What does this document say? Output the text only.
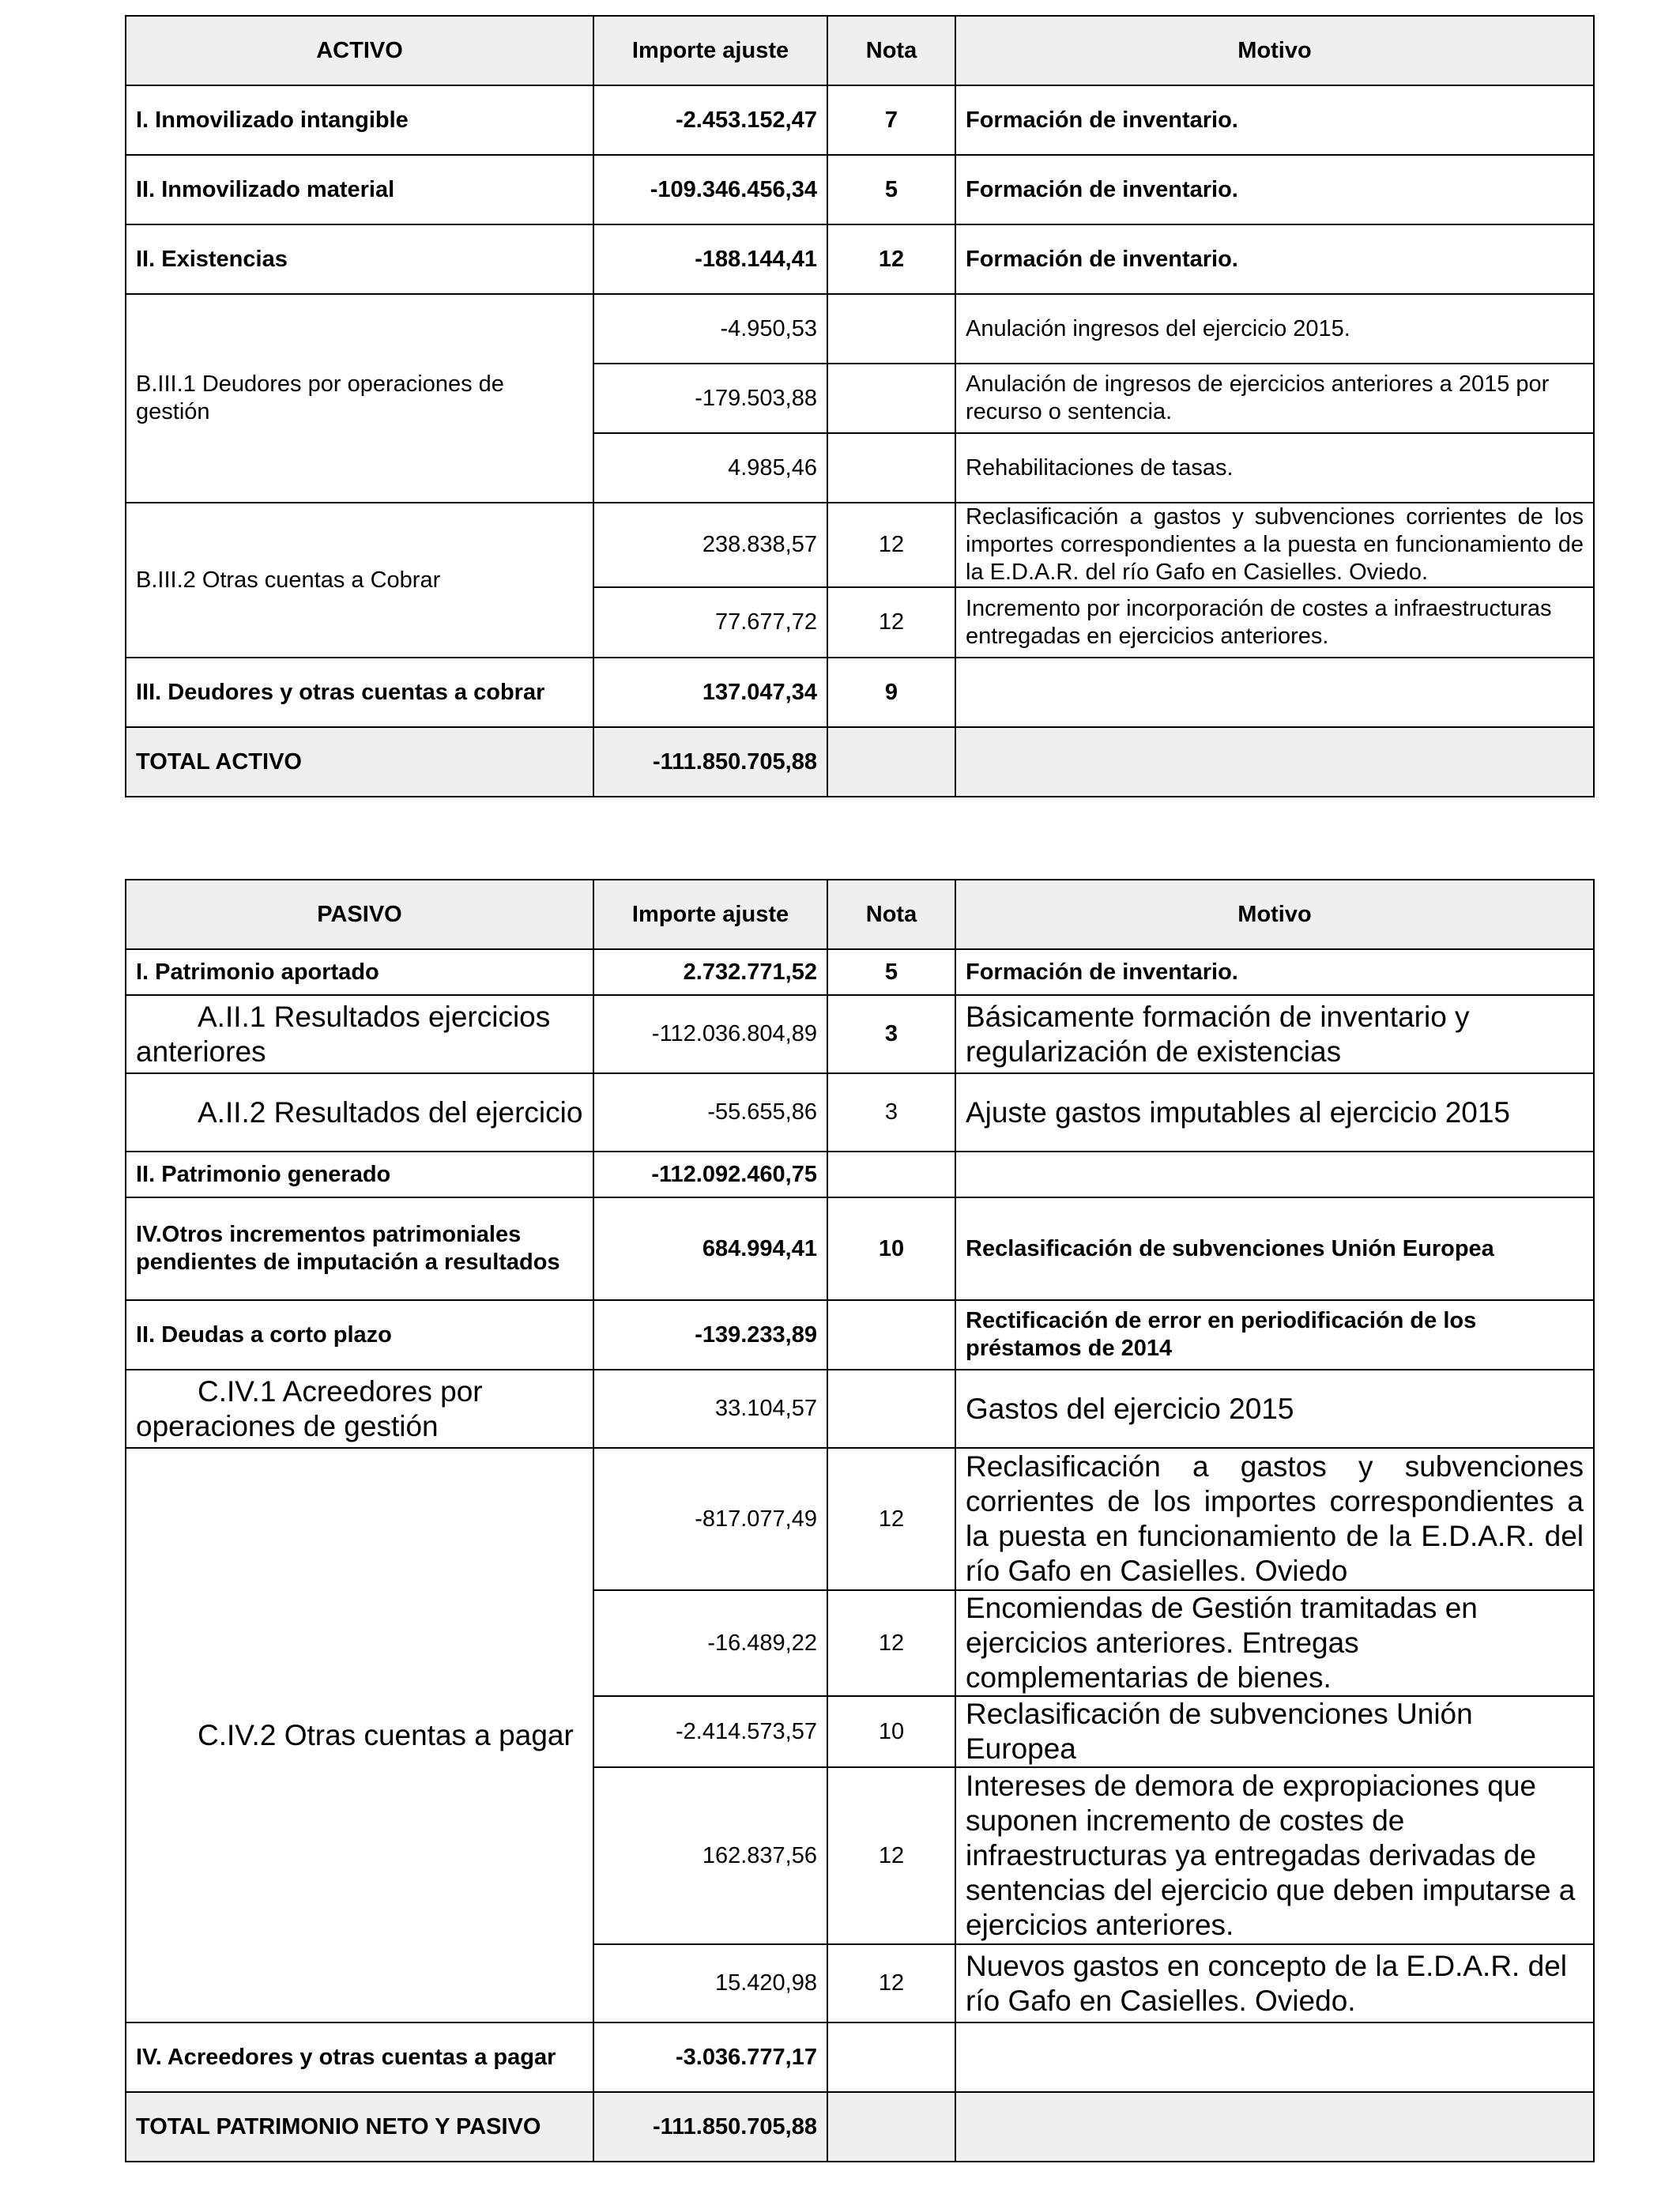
ACTIVO	Importe ajuste	Nota	Motivo
I. Inmovilizado intangible	-2.453.152,47	7	Formación de inventario.
II. Inmovilizado material	-109.346.456,34	5	Formación de inventario.
II. Existencias	-188.144,41	12	Formación de inventario.
B.III.1 Deudores por operaciones de gestión	-4.950,53		Anulación ingresos del ejercicio 2015.
	-179.503,88		Anulación de ingresos de ejercicios anteriores a 2015 por recurso o sentencia.
	4.985,46		Rehabilitaciones de tasas.
B.III.2 Otras cuentas a Cobrar	238.838,57	12	Reclasificación a gastos y subvenciones corrientes de los importes correspondientes a la puesta en funcionamiento de la E.D.A.R. del río Gafo en Casielles. Oviedo.
	77.677,72	12	Incremento por incorporación de costes a infraestructuras entregadas en ejercicios anteriores.
III. Deudores y otras cuentas a cobrar	137.047,34	9	
TOTAL ACTIVO	-111.850.705,88		
PASIVO	Importe ajuste	Nota	Motivo
I. Patrimonio aportado	2.732.771,52	5	Formación de inventario.
A.II.1 Resultados ejercicios anteriores	-112.036.804,89	3	Básicamente formación de inventario y regularización de existencias
A.II.2 Resultados del ejercicio	-55.655,86	3	Ajuste gastos imputables al ejercicio 2015
II. Patrimonio generado	-112.092.460,75		
IV.Otros incrementos patrimoniales pendientes de imputación a resultados	684.994,41	10	Reclasificación de subvenciones Unión Europea
II. Deudas a corto plazo	-139.233,89		Rectificación de error en periodificación de los préstamos de 2014
C.IV.1 Acreedores por operaciones de gestión	33.104,57		Gastos del ejercicio 2015
C.IV.2 Otras cuentas a pagar	-817.077,49	12	Reclasificación a gastos y subvenciones corrientes de los importes correspondientes a la puesta en funcionamiento de la E.D.A.R. del río Gafo en Casielles. Oviedo
	-16.489,22	12	Encomiendas de Gestión tramitadas en ejercicios anteriores. Entregas complementarias de bienes.
	-2.414.573,57	10	Reclasificación de subvenciones Unión Europea
	162.837,56	12	Intereses de demora de expropiaciones que suponen incremento de costes de infraestructuras ya entregadas derivadas de sentencias del ejercicio que deben imputarse a ejercicios anteriores.
	15.420,98	12	Nuevos gastos en concepto de la E.D.A.R. del río Gafo en Casielles. Oviedo.
IV. Acreedores y otras cuentas a pagar	-3.036.777,17		
TOTAL PATRIMONIO NETO Y PASIVO	-111.850.705,88		
